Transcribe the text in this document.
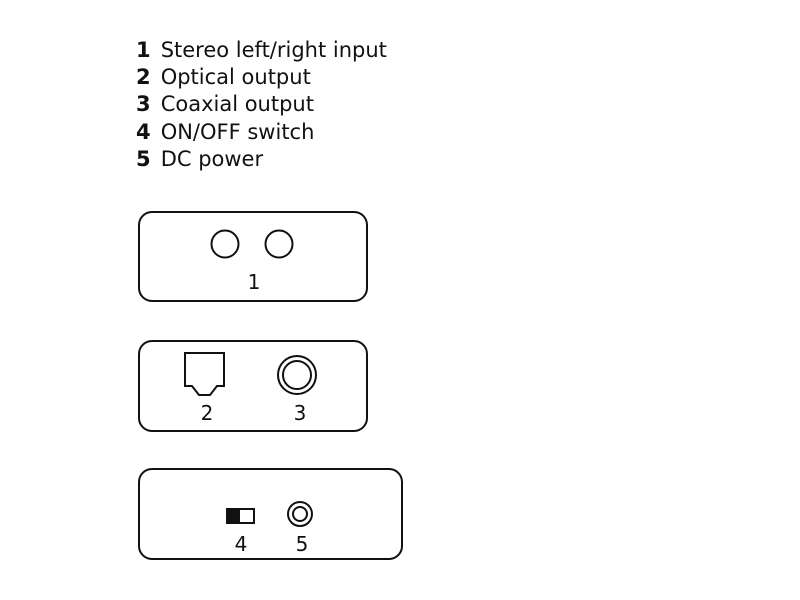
1 Stereo left/right input
2 Optical output
3 Coaxial output
4 ON/OFF switch
5 DC power
1
2	3
4 5
